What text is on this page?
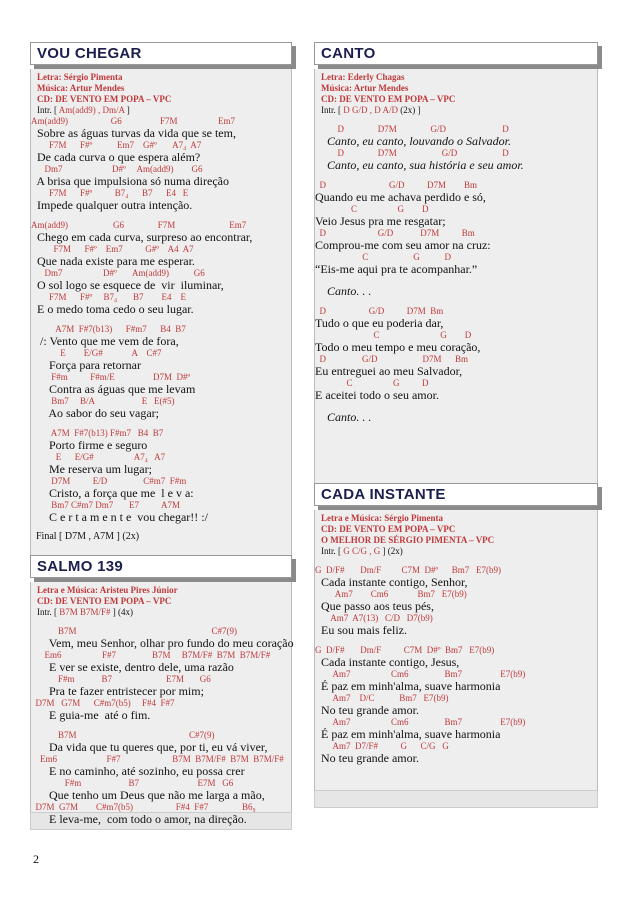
VOU CHEGAR
Letra: Sérgio Pimenta
Música: Artur Mendes
CD: DE VENTO EM POPA – VPC
Intr. [ Am(add9) , Dm/A ]
Am(add9)                   G6                 F7M                  Em7
Sobre as águas turvas da vida que se tem,
F7M      F#º           Em7    G#º       A7₄  A7
De cada curva o que espera além?
Dm7                      D#º     Am(add9)        G6
A brisa que impulsiona só numa direção
F7M      F#º          B7₄      B7      E4   E
Impede qualquer outra intenção.
Am(add9)                    G6               F7M                        Em7
Chego em cada curva, surpreso ao encontrar,
F7M      F#º    Em7          G#º    A4  A7
Que nada existe para me esperar.
Dm7                  D#º       Am(add9)           G6
O sol logo se esquece de  vir  iluminar,
F7M      F#º     B7₄       B7        E4    E
E o medo toma cedo o seu lugar.
A7M  F#7(b13)      F#m7      B4  B7
/: Vento que me vem de fora,
E        E/G#             A    C#7
Força para retornar
F#m          F#m/E                 D7M  D#º
Contra as águas que me levam
Bm7     B/A                     E   E(#5)
Ao sabor do seu vagar;
A7M  F#7(b13) F#m7   B4  B7
Porto firme e seguro
E      E/G#                  A7₄   A7
Me reserva um lugar;
D7M          E/D                C#m7  F#m
Cristo, a força que me  l e v a:
Bm7 C#m7 Dm7       E7          A7M
C e r t a m e n t e  vou chegar!! :/
Final [ D7M , A7M ] (2x)
SALMO 139
Letra e Música: Aristeu Pires Júnior
CD: DE VENTO EM POPA – VPC
Intr. [ B7M B7M/F# ] (4x)
B7M                                                            C#7(9)
Vem, meu Senhor, olhar pro fundo do meu coração
Em6                  F#7                B7M     B7M/F#  B7M  B7M/F#
E ver se existe, dentro dele, uma razão
F#m            B7                        E7M       G6
Pra te fazer entristecer por mim;
D7M   G7M      C#m7(b5)     F#4  F#7
E guia-me  até o fim.
B7M                                                  C#7(9)
Da vida que tu queres que, por ti, eu vá viver,
Em6                      F#7                       B7M  B7M/F#  B7M  B7M/F#
E no caminho, até sozinho, eu possa crer
F#m                     B7                          E7M   G6
Que tenho um Deus que não me larga a mão,
D7M  G7M        C#m7(b5)                   F#4  F#7               B6₉
E leva-me,  com todo o amor, na direção.
CANTO
Letra: Ederly Chagas
Música: Artur Mendes
CD: DE VENTO EM POPA – VPC
Intr. [ D G/D , D A/D (2x) ]
D               D7M               G/D                         D
Canto, eu canto, louvando o Salvador.
D               D7M                    G/D                    D
Canto, eu canto, sua história e seu amor.
D                            G/D          D7M        Bm
Quando eu me achava perdido e só,
C                  G        D
Veio Jesus pra me resgatar;
D                       G/D            D7M          Bm
Comprou-me com seu amor na cruz:
C                    G           D
“Eis-me aqui pra te acompanhar.”
Canto. . .
D                   G/D          D7M  Bm
Tudo o que eu poderia dar,
C                           G        D
Todo o meu tempo e meu coração,
D                G/D                    D7M      Bm
Eu entreguei ao meu Salvador,
C                  G          D
E aceitei todo o seu amor.
Canto. . .
CADA INSTANTE
Letra e Música: Sérgio Pimenta
CD: DE VENTO EM POPA – VPC
O MELHOR DE SÉRGIO PIMENTA – VPC
Intr. [ G C/G , G ] (2x)
G  D/F#       Dm/F         C7M  D#º      Bm7   E7(b9)
Cada instante contigo, Senhor,
Am7        Cm6             Bm7   E7(b9)
Que passo aos teus pés,
Am7  A7(13)   C/D   D7(b9)
Eu sou mais feliz.
G  D/F#       Dm/F          C7M  D#º  Bm7   E7(b9)
Cada instante contigo, Jesus,
Am7                  Cm6                Bm7                 E7(b9)
É paz em minh'alma, suave harmonia
Am7    D/C           Bm7   E7(b9)
No teu grande amor.
Am7                  Cm6                Bm7                 E7(b9)
É paz em minh'alma, suave harmonia
Am7  D7/F#          G      C/G   G
No teu grande amor.
2
